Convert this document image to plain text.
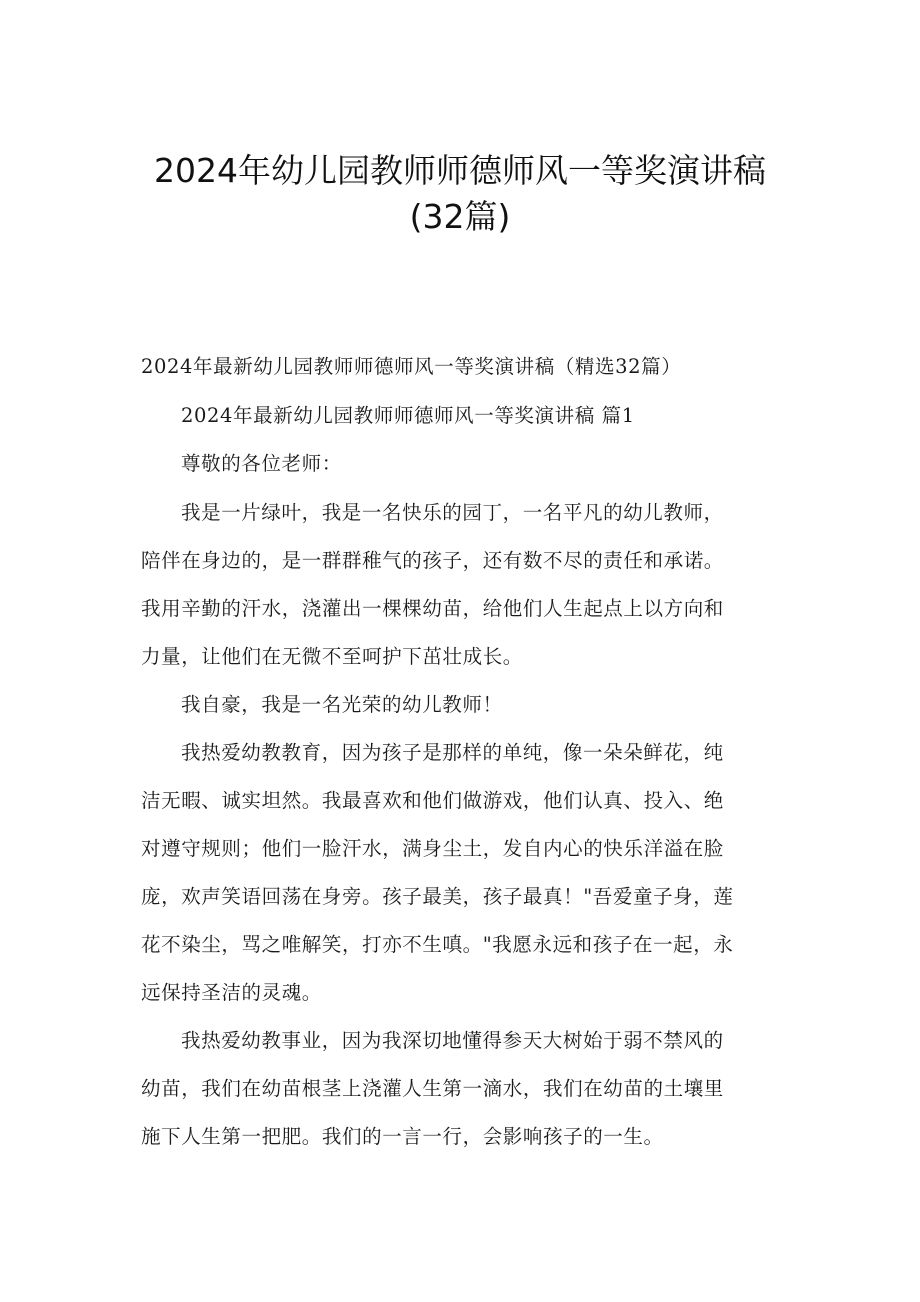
2024年幼儿园教师师德师风一等奖演讲稿
(32篇)
2024年最新幼儿园教师师德师风一等奖演讲稿（精选32篇）
2024年最新幼儿园教师师德师风一等奖演讲稿 篇1
尊敬的各位老师：
我是一片绿叶，我是一名快乐的园丁，一名平凡的幼儿教师，
陪伴在身边的，是一群群稚气的孩子，还有数不尽的责任和承诺。
我用辛勤的汗水，浇灌出一棵棵幼苗，给他们人生起点上以方向和
力量，让他们在无微不至呵护下茁壮成长。
我自豪，我是一名光荣的幼儿教师！
我热爱幼教教育，因为孩子是那样的单纯，像一朵朵鲜花，纯
洁无暇、诚实坦然。我最喜欢和他们做游戏，他们认真、投入、绝
对遵守规则；他们一脸汗水，满身尘土，发自内心的快乐洋溢在脸
庞，欢声笑语回荡在身旁。孩子最美，孩子最真！"吾爱童子身，莲
花不染尘，骂之唯解笑，打亦不生嗔。"我愿永远和孩子在一起，永
远保持圣洁的灵魂。
我热爱幼教事业，因为我深切地懂得参天大树始于弱不禁风的
幼苗，我们在幼苗根茎上浇灌人生第一滴水，我们在幼苗的土壤里
施下人生第一把肥。我们的一言一行，会影响孩子的一生。
